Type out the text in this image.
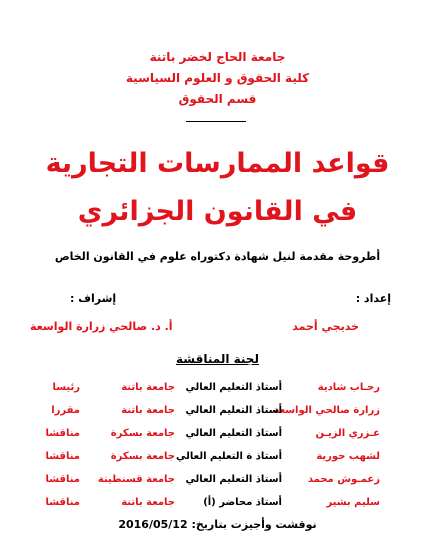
جامعة الحاج لخضر باتنة
كلية الحقوق و العلوم السياسية
قسم الحقوق
قواعد الممارسات التجارية
في القانون الجزائري
أطروحة مقدمة لنيل شهادة دكتوراه علوم في القانون الخاص
إعداد :
خديجي أحمد
إشراف :
أ. د. صالحي زرارة الواسعة
لجنة المناقشة
رحـاب شادية
أستاذ التعليم العالي
جامعة باتنة
رئيسا
زرارة صالحي الواسعة
أستاذ التعليم العالي
جامعة باتنة
مقررا
عـزري الزيـن
أستاذ التعليم العالي
جامعة بسكرة
مناقشا
لشهب حورية
أستاذ ة التعليم العالي
جامعة بسكرة
مناقشا
زعمـوش محمد
أستاذ التعليم العالي
جامعة قسنطينة
مناقشا
سليم بشير
أستاذ محاضر (أ)
جامعة باتنة
مناقشا
نوقشت وأجيزت بتاريخ: 2016/05/12
